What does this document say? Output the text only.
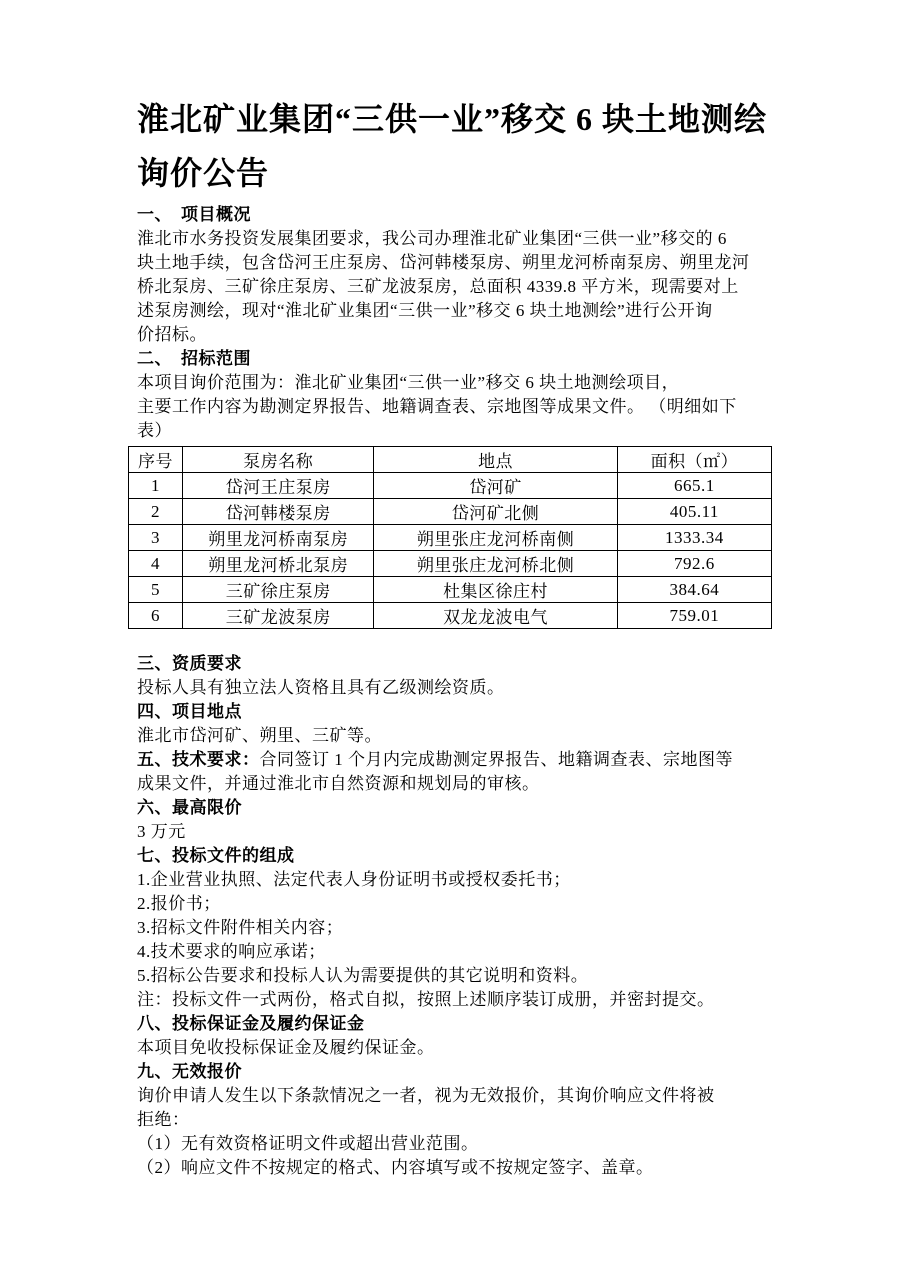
淮北矿业集团“三供一业”移交 6 块土地测绘
询价公告
一、　项目概况
淮北市水务投资发展集团要求，我公司办理淮北矿业集团“三供一业”移交的 6
块土地手续，包含岱河王庄泵房、岱河韩楼泵房、朔里龙河桥南泵房、朔里龙河
桥北泵房、三矿徐庄泵房、三矿龙波泵房，总面积 4339.8 平方米，现需要对上
述泵房测绘，现对“淮北矿业集团“三供一业”移交 6 块土地测绘”进行公开询
价招标。
二、　招标范围
本项目询价范围为：淮北矿业集团“三供一业”移交 6 块土地测绘项目，
主要工作内容为勘测定界报告、地籍调查表、宗地图等成果文件。 （明细如下
表）
序号	泵房名称	地点	面积（㎡）
1	岱河王庄泵房	岱河矿	665.1
2	岱河韩楼泵房	岱河矿北侧	405.11
3	朔里龙河桥南泵房	朔里张庄龙河桥南侧	1333.34
4	朔里龙河桥北泵房	朔里张庄龙河桥北侧	792.6
5	三矿徐庄泵房	杜集区徐庄村	384.64
6	三矿龙波泵房	双龙龙波电气	759.01
三、资质要求
投标人具有独立法人资格且具有乙级测绘资质。
四、项目地点
淮北市岱河矿、朔里、三矿等。
五、技术要求：合同签订 1 个月内完成勘测定界报告、地籍调查表、宗地图等
成果文件，并通过淮北市自然资源和规划局的审核。
六、最高限价
3 万元
七、投标文件的组成
1.企业营业执照、法定代表人身份证明书或授权委托书；
2.报价书；
3.招标文件附件相关内容；
4.技术要求的响应承诺；
5.招标公告要求和投标人认为需要提供的其它说明和资料。
注：投标文件一式两份，格式自拟，按照上述顺序装订成册，并密封提交。
八、投标保证金及履约保证金
本项目免收投标保证金及履约保证金。
九、无效报价
询价申请人发生以下条款情况之一者，视为无效报价，其询价响应文件将被
拒绝：
（1）无有效资格证明文件或超出营业范围。
（2）响应文件不按规定的格式、内容填写或不按规定签字、盖章。
